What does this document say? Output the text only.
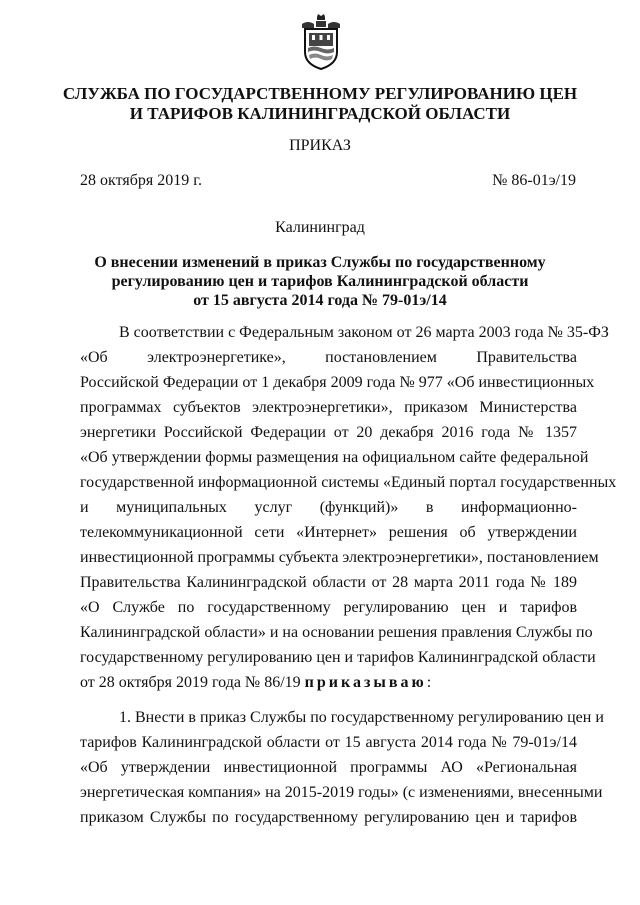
СЛУЖБА ПО ГОСУДАРСТВЕННОМУ РЕГУЛИРОВАНИЮ ЦЕН
И ТАРИФОВ КАЛИНИНГРАДСКОЙ ОБЛАСТИ
ПРИКАЗ
28 октября 2019 г.	№ 86-01э/19
Калининград
О внесении изменений в приказ Службы по государственному
регулированию цен и тарифов Калининградской области
от 15 августа 2014 года № 79-01э/14
В соответствии с Федеральным законом от 26 марта 2003 года № 35-ФЗ
«Об электроэнергетике», постановлением Правительства
Российской Федерации от 1 декабря 2009 года № 977 «Об инвестиционных
программах субъектов электроэнергетики», приказом Министерства
энергетики Российской Федерации от 20 декабря 2016 года № 1357
«Об утверждении формы размещения на официальном сайте федеральной
государственной информационной системы «Единый портал государственных
и муниципальных услуг (функций)» в информационно-
телекоммуникационной сети «Интернет» решения об утверждении
инвестиционной программы субъекта электроэнергетики», постановлением
Правительства Калининградской области от 28 марта 2011 года № 189
«О Службе по государственному регулированию цен и тарифов
Калининградской области» и на основании решения правления Службы по
государственному регулированию цен и тарифов Калининградской области
от 28 октября 2019 года № 86/19 приказываю:
1. Внести в приказ Службы по государственному регулированию цен и
тарифов Калининградской области от 15 августа 2014 года № 79-01э/14
«Об утверждении инвестиционной программы АО «Региональная
энергетическая компания» на 2015-2019 годы» (с изменениями, внесенными
приказом Службы по государственному регулированию цен и тарифов
